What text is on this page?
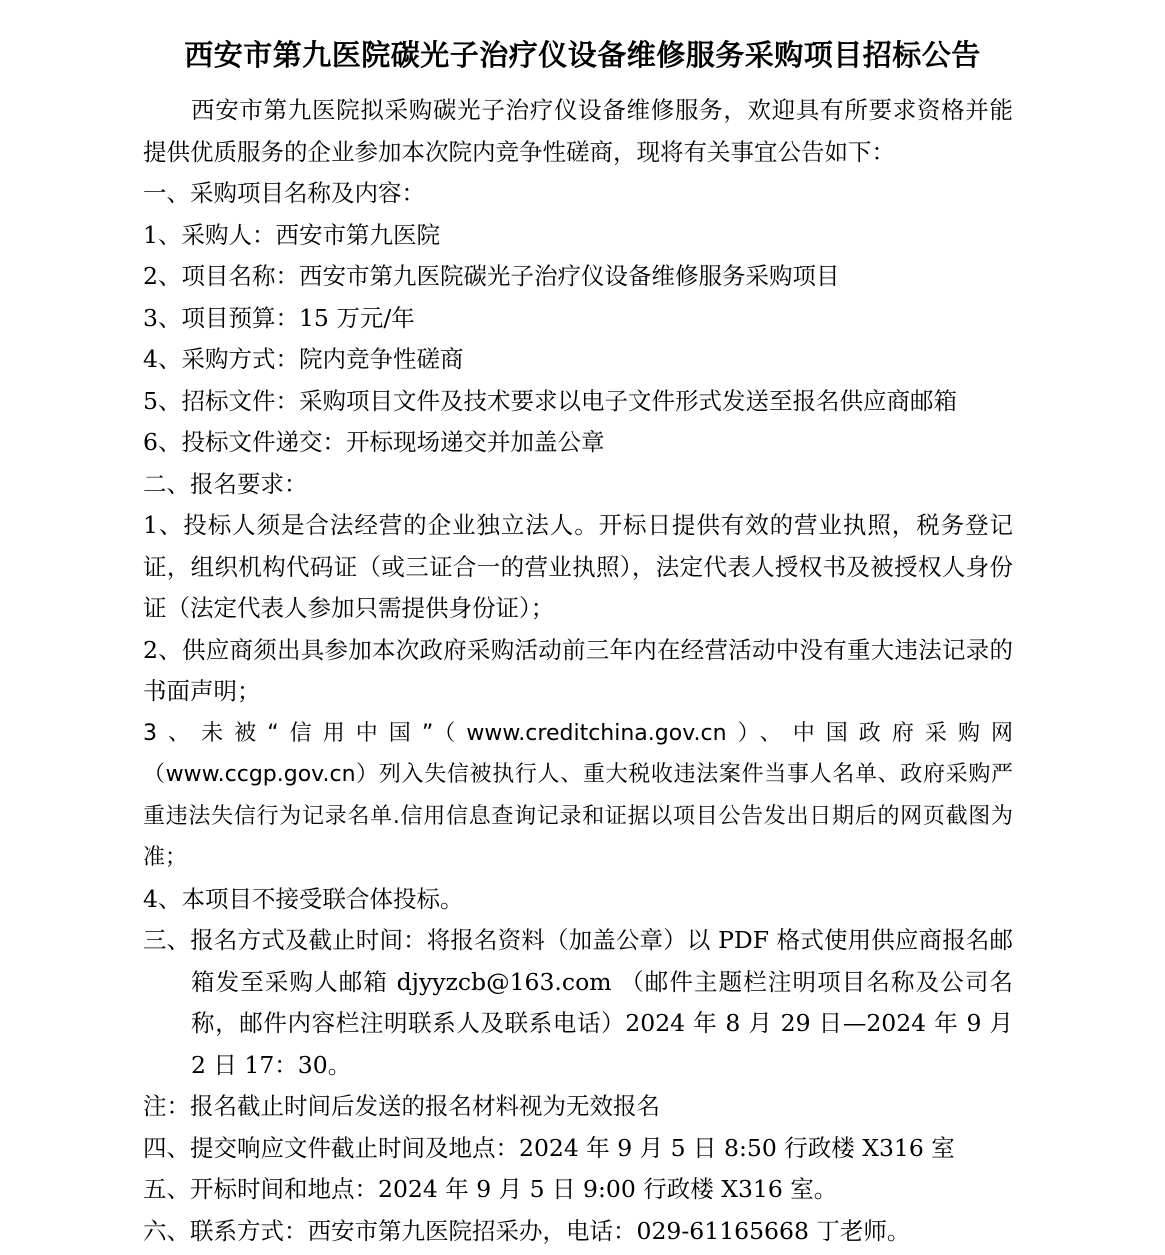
西安市第九医院碳光子治疗仪设备维修服务采购项目招标公告

西安市第九医院拟采购碳光子治疗仪设备维修服务，欢迎具有所要求资格并能提供优质服务的企业参加本次院内竞争性磋商，现将有关事宜公告如下：

一、采购项目名称及内容：

1、采购人：西安市第九医院

2、项目名称：西安市第九医院碳光子治疗仪设备维修服务采购项目

3、项目预算：15 万元/年

4、采购方式：院内竞争性磋商

5、招标文件：采购项目文件及技术要求以电子文件形式发送至报名供应商邮箱

6、投标文件递交：开标现场递交并加盖公章

二、报名要求：

1、投标人须是合法经营的企业独立法人。开标日提供有效的营业执照，税务登记证，组织机构代码证（或三证合一的营业执照），法定代表人授权书及被授权人身份证（法定代表人参加只需提供身份证）；

2、供应商须出具参加本次政府采购活动前三年内在经营活动中没有重大违法记录的书面声明；

3、未被“信用中国”（www.creditchina.gov.cn）、中国政府采购网（www.ccgp.gov.cn）列入失信被执行人、重大税收违法案件当事人名单、政府采购严重违法失信行为记录名单.信用信息查询记录和证据以项目公告发出日期后的网页截图为准；

4、本项目不接受联合体投标。

三、报名方式及截止时间：将报名资料（加盖公章）以 PDF 格式使用供应商报名邮箱发至采购人邮箱 djyyzcb@163.com （邮件主题栏注明项目名称及公司名称，邮件内容栏注明联系人及联系电话）2024 年 8 月 29 日—2024 年 9 月 2 日 17：30。

注：报名截止时间后发送的报名材料视为无效报名

四、提交响应文件截止时间及地点：2024 年 9 月 5 日 8:50 行政楼 X316 室

五、开标时间和地点：2024 年 9 月 5 日 9:00 行政楼 X316 室。

六、联系方式：西安市第九医院招采办，电话：029-61165668 丁老师。
